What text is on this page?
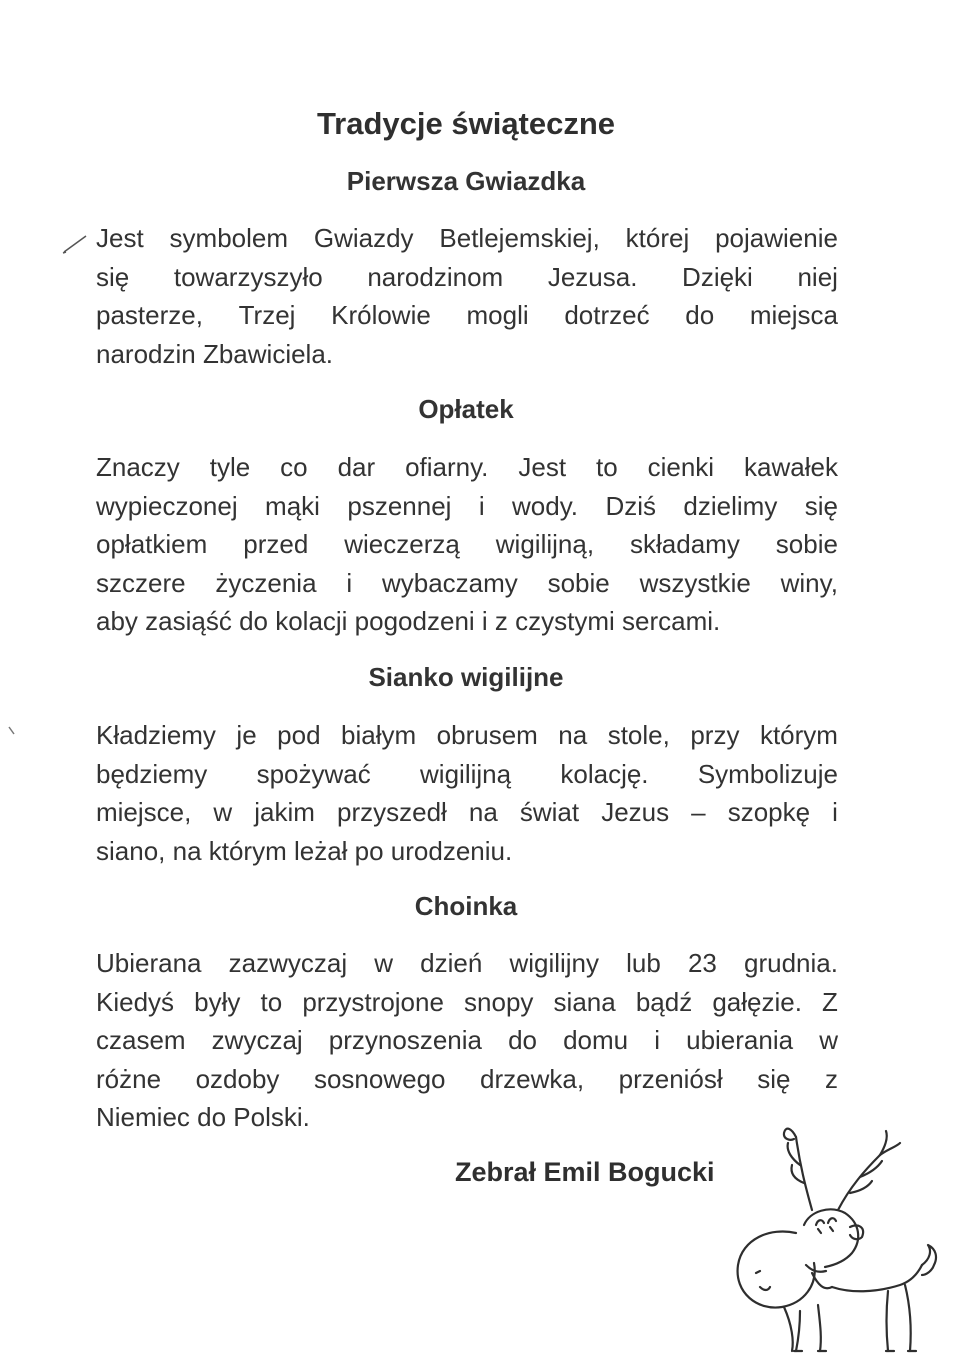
Tradycje świąteczne
Pierwsza Gwiazdka
Jest symbolem Gwiazdy Betlejemskiej, której pojawienie
się towarzyszyło narodzinom Jezusa. Dzięki niej
pasterze, Trzej Królowie mogli dotrzeć do miejsca
narodzin Zbawiciela.
Opłatek
Znaczy tyle co dar ofiarny. Jest to cienki kawałek
wypieczonej mąki pszennej i wody. Dziś dzielimy się
opłatkiem przed wieczerzą wigilijną, składamy sobie
szczere życzenia i wybaczamy sobie wszystkie winy,
aby zasiąść do kolacji pogodzeni i z czystymi sercami.
Sianko wigilijne
Kładziemy je pod białym obrusem na stole, przy którym
będziemy spożywać wigilijną kolację. Symbolizuje
miejsce, w jakim przyszedł na świat Jezus – szopkę i
siano, na którym leżał po urodzeniu.
Choinka
Ubierana zazwyczaj w dzień wigilijny lub 23 grudnia.
Kiedyś były to przystrojone snopy siana bądź gałęzie. Z
czasem zwyczaj przynoszenia do domu i ubierania w
różne ozdoby sosnowego drzewka, przeniósł się z
Niemiec do Polski.
Zebrał Emil Bogucki
